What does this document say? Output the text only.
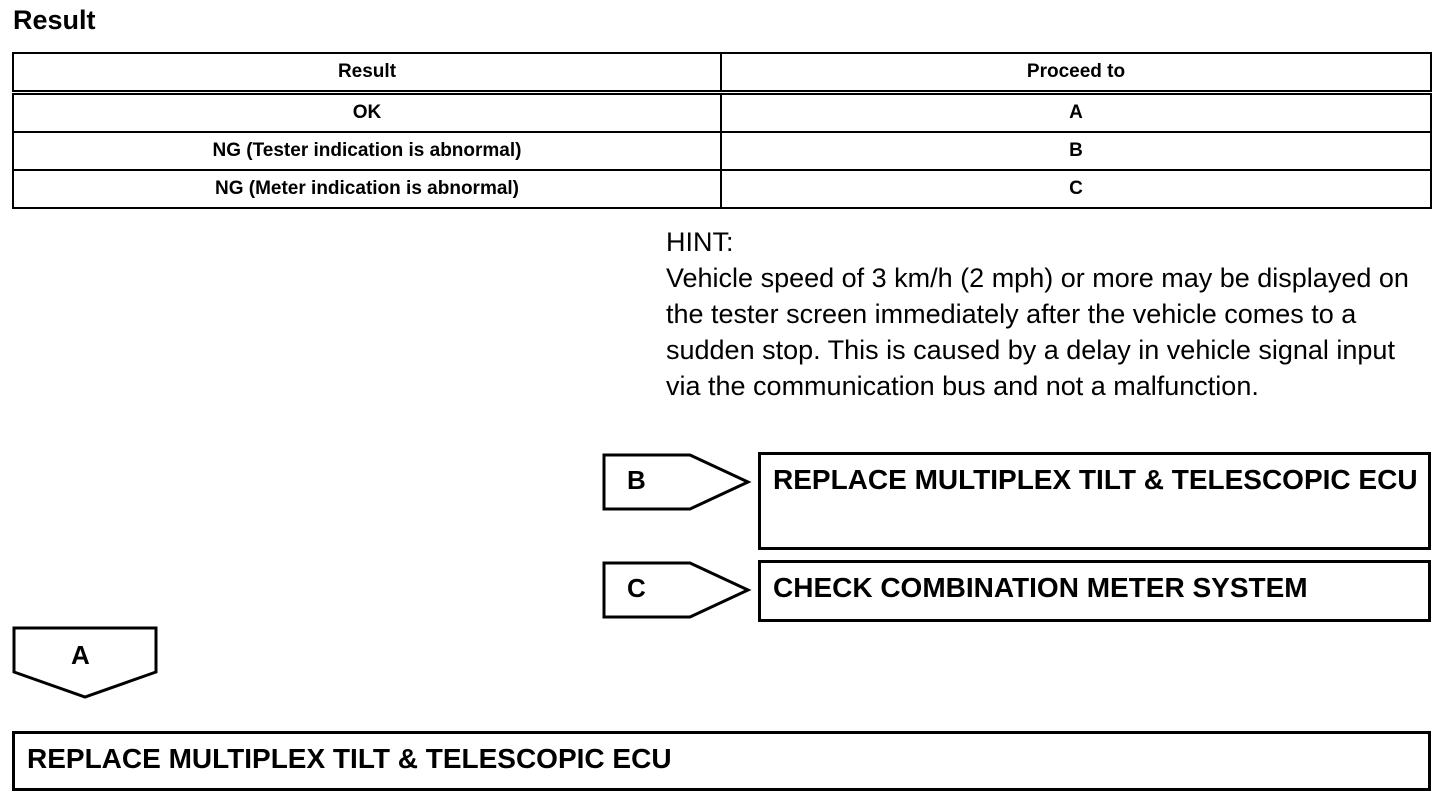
Result
Result	Proceed to
OK	A
NG (Tester indication is abnormal)	B
NG (Meter indication is abnormal)	C
HINT:
Vehicle speed of 3 km/h (2 mph) or more may be displayed on the tester screen immediately after the vehicle comes to a sudden stop. This is caused by a delay in vehicle signal input via the communication bus and not a malfunction.
B	REPLACE MULTIPLEX TILT & TELESCOPIC ECU
C	CHECK COMBINATION METER SYSTEM
A
REPLACE MULTIPLEX TILT & TELESCOPIC ECU
